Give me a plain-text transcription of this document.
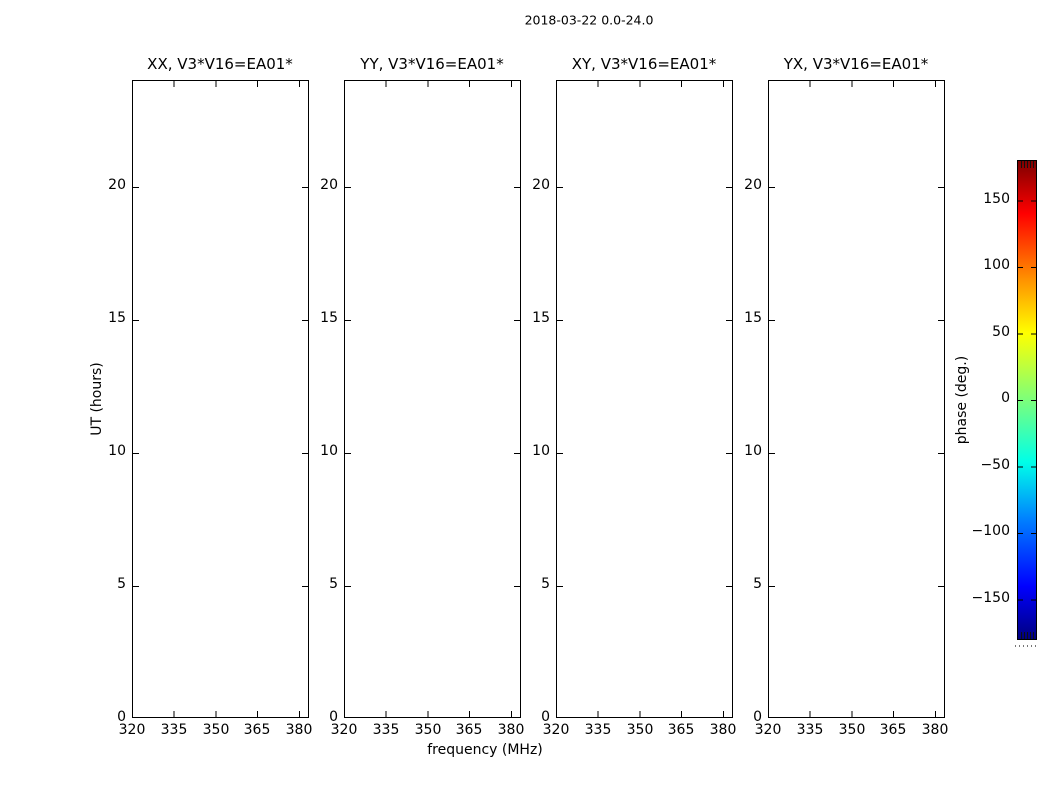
2018-03-22 0.0-24.0
XX, V3*V16=EA01*	YY, V3*V16=EA01*	XY, V3*V16=EA01*	YX, V3*V16=EA01*
20
15
10
5
0
20
15
10
5
0
20
15
10
5
0
20
15
10
5
0
320	335	350	365	380	320	335	350	365	380	320	335	350	365	380	320	335	350	365	380
UT (hours)
frequency (MHz)
150
100
50
0
−50
−100
−150
phase (deg.)
